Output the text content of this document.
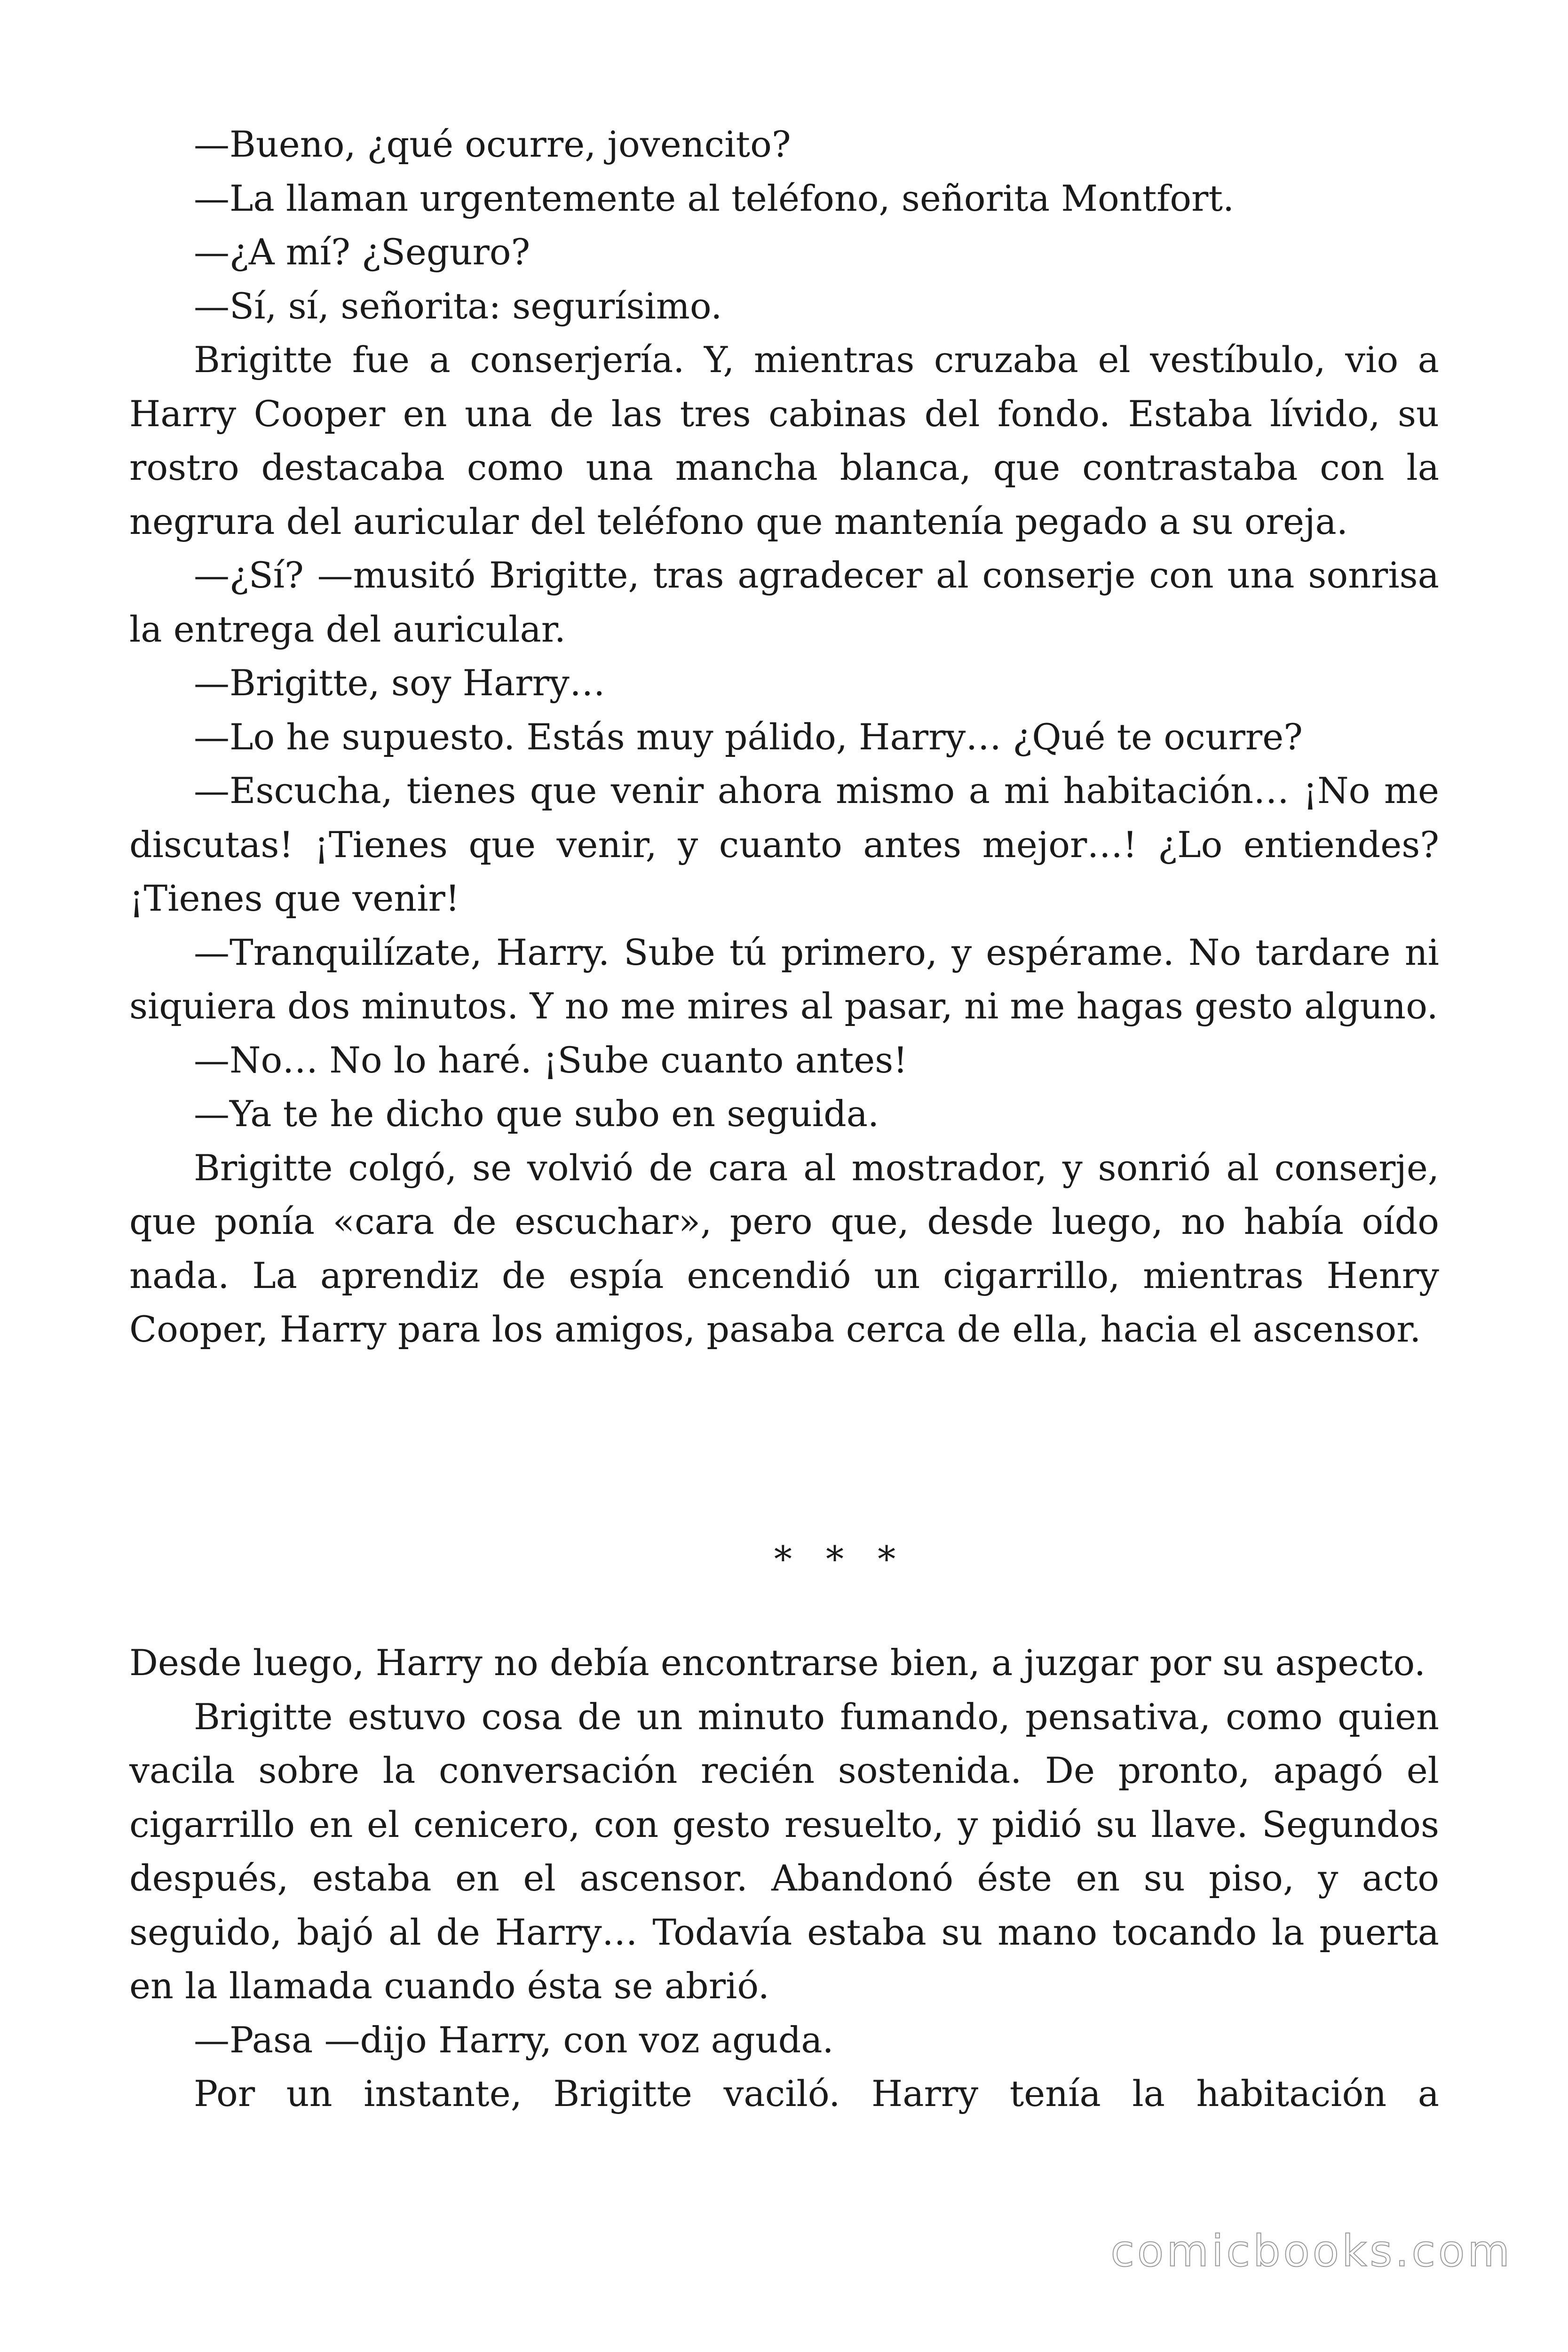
—Bueno, ¿qué ocurre, jovencito?

—La llaman urgentemente al teléfono, señorita Montfort.

—¿A mí? ¿Seguro?

—Sí, sí, señorita: segurísimo.

Brigitte fue a conserjería. Y, mientras cruzaba el vestíbulo, vio a Harry Cooper en una de las tres cabinas del fondo. Estaba lívido, su rostro destacaba como una mancha blanca, que contrastaba con la negrura del auricular del teléfono que mantenía pegado a su oreja.

—¿Sí? —musitó Brigitte, tras agradecer al conserje con una sonrisa la entrega del auricular.

—Brigitte, soy Harry…

—Lo he supuesto. Estás muy pálido, Harry… ¿Qué te ocurre?

—Escucha, tienes que venir ahora mismo a mi habitación… ¡No me discutas! ¡Tienes que venir, y cuanto antes mejor…! ¿Lo entiendes? ¡Tienes que venir!

—Tranquilízate, Harry. Sube tú primero, y espérame. No tardare ni siquiera dos minutos. Y no me mires al pasar, ni me hagas gesto alguno.

—No… No lo haré. ¡Sube cuanto antes!

—Ya te he dicho que subo en seguida.

Brigitte colgó, se volvió de cara al mostrador, y sonrió al conserje, que ponía «cara de escuchar», pero que, desde luego, no había oído nada. La aprendiz de espía encendió un cigarrillo, mientras Henry Cooper, Harry para los amigos, pasaba cerca de ella, hacia el ascensor.

* * *

Desde luego, Harry no debía encontrarse bien, a juzgar por su aspecto.

Brigitte estuvo cosa de un minuto fumando, pensativa, como quien vacila sobre la conversación recién sostenida. De pronto, apagó el cigarrillo en el cenicero, con gesto resuelto, y pidió su llave. Segundos después, estaba en el ascensor. Abandonó éste en su piso, y acto seguido, bajó al de Harry… Todavía estaba su mano tocando la puerta en la llamada cuando ésta se abrió.

—Pasa —dijo Harry, con voz aguda.

Por un instante, Brigitte vaciló. Harry tenía la habitación a

comicbooks.com
